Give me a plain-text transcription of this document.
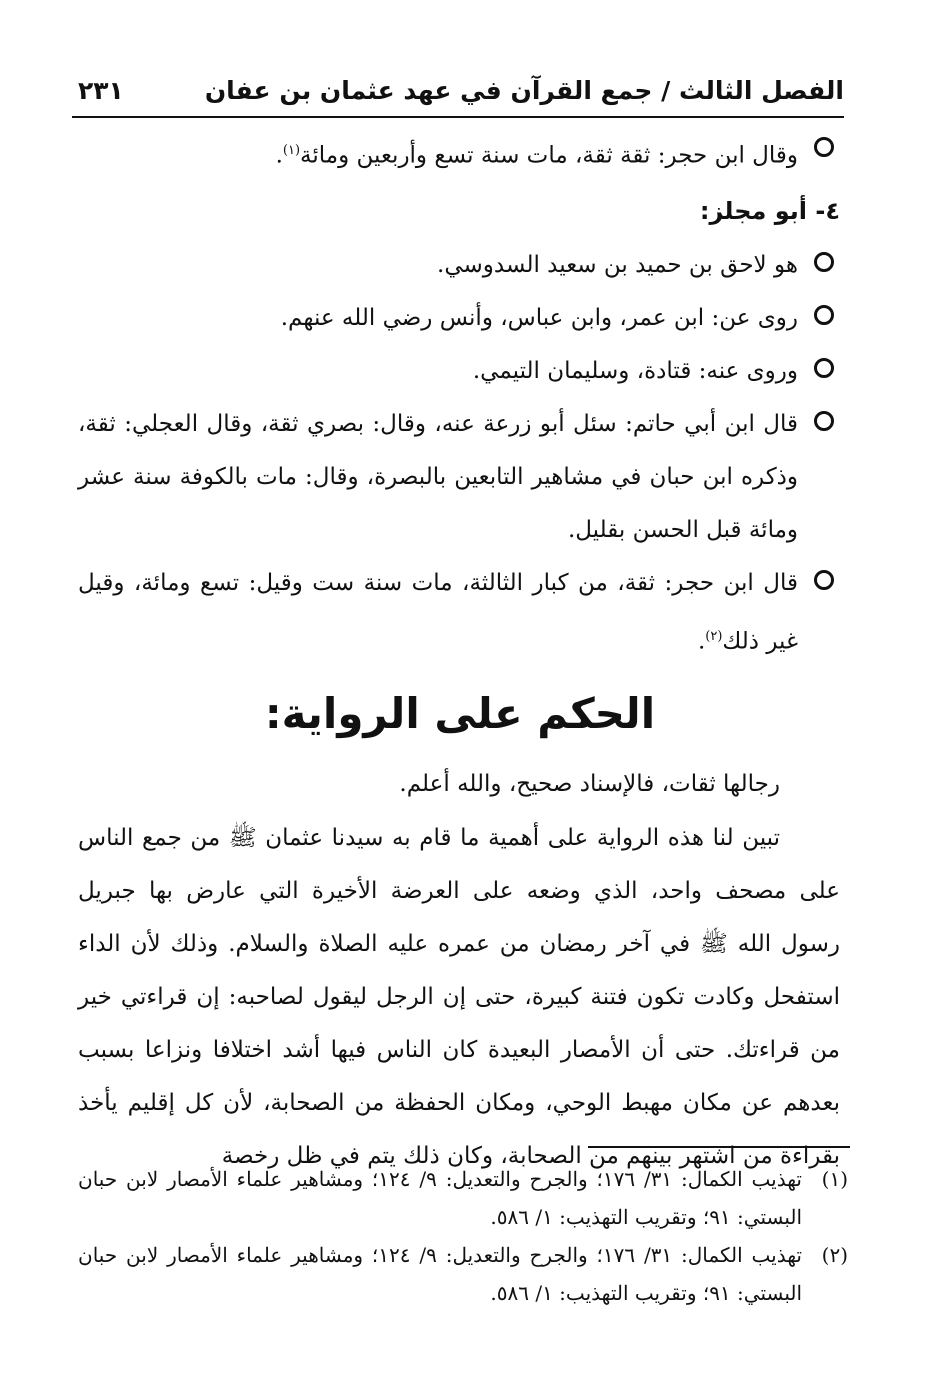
الفصل الثالث / جمع القرآن في عهد عثمان بن عفان
٢٣١
وقال ابن حجر: ثقة ثقة، مات سنة تسع وأربعين ومائة$^{(١)}$.
٤- أبو مجلز:
هو لاحق بن حميد بن سعيد السدوسي.
روى عن: ابن عمر، وابن عباس، وأنس رضي الله عنهم.
وروى عنه: قتادة، وسليمان التيمي.
قال ابن أبي حاتم: سئل أبو زرعة عنه، وقال: بصري ثقة، وقال العجلي: ثقة، وذكره ابن حبان في مشاهير التابعين بالبصرة، وقال: مات بالكوفة سنة عشر ومائة قبل الحسن بقليل.
قال ابن حجر: ثقة، من كبار الثالثة، مات سنة ست وقيل: تسع ومائة، وقيل غير ذلك$^{(٢)}$.
الحكم على الرواية:
رجالها ثقات، فالإسناد صحيح، والله أعلم.
تبين لنا هذه الرواية على أهمية ما قام به سيدنا عثمان ﷺ من جمع الناس على مصحف واحد، الذي وضعه على العرضة الأخيرة التي عارض بها جبريل رسول الله ﷺ في آخر رمضان من عمره عليه الصلاة والسلام. وذلك لأن الداء استفحل وكادت تكون فتنة كبيرة، حتى إن الرجل ليقول لصاحبه: إن قراءتي خير من قراءتك. حتى أن الأمصار البعيدة كان الناس فيها أشد اختلافا ونزاعا بسبب بعدهم عن مكان مهبط الوحي، ومكان الحفظة من الصحابة، لأن كل إقليم يأخذ بقراءة من اشتهر بينهم من الصحابة، وكان ذلك يتم في ظل رخصة
(١)
تهذيب الكمال: ٣١/ ١٧٦؛ والجرح والتعديل: ٩/ ١٢٤؛ ومشاهير علماء الأمصار لابن حبان البستي: ٩١؛ وتقريب التهذيب: ١/ ٥٨٦.
(٢)
تهذيب الكمال: ٣١/ ١٧٦؛ والجرح والتعديل: ٩/ ١٢٤؛ ومشاهير علماء الأمصار لابن حبان البستي: ٩١؛ وتقريب التهذيب: ١/ ٥٨٦.
